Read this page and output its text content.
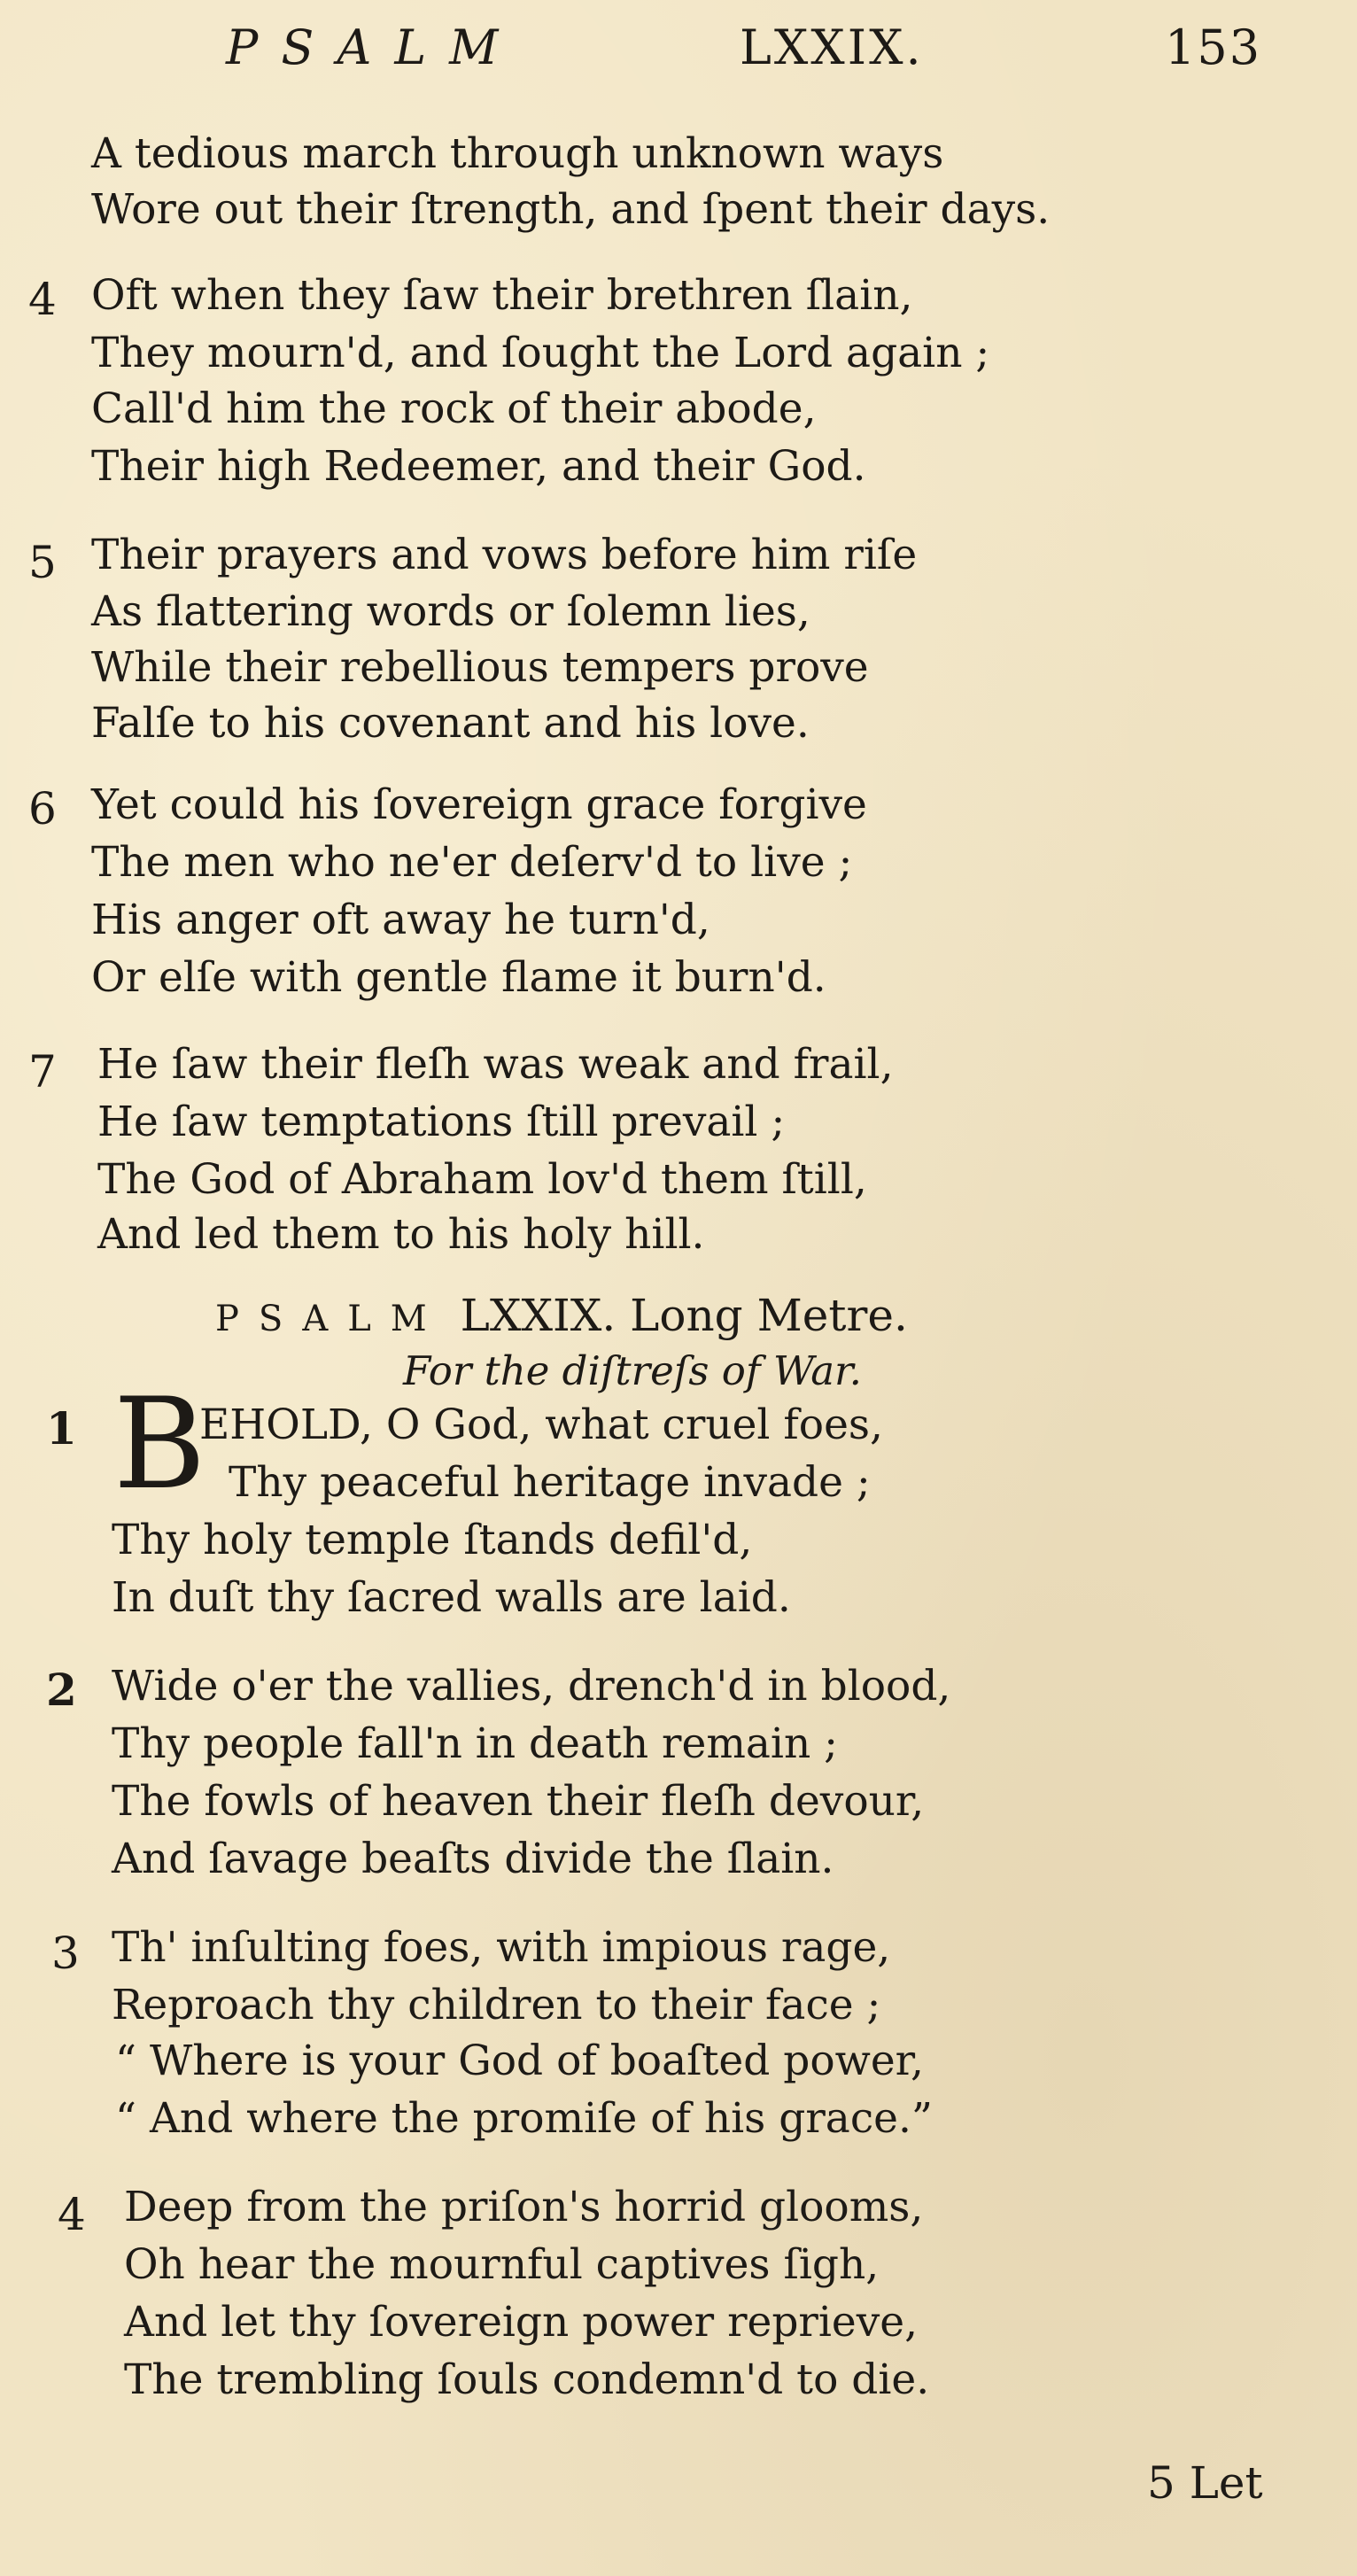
PSALM	LXXIX.	153
A tedious march through unknown ways
Wore out their ſtrength, and ſpent their days.
4 Oft when they ſaw their brethren ſlain,
They mourn'd, and ſought the Lord again ;
Call'd him the rock of their abode,
Their high Redeemer, and their God.
5 Their prayers and vows before him riſe
As flattering words or ſolemn lies,
While their rebellious tempers prove
Falſe to his covenant and his love.
6 Yet could his ſovereign grace forgive
The men who ne'er deſerv'd to live ;
His anger oft away he turn'd,
Or elſe with gentle flame it burn'd.
7 He ſaw their fleſh was weak and frail,
He ſaw temptations ſtill prevail ;
The God of Abraham lov'd them ſtill,
And led them to his holy hill.
PSALM LXXIX. Long Metre.
For the diſtreſs of War.
1 B
EHOLD, O God, what cruel foes,
Thy peaceful heritage invade ;
Thy holy temple ſtands defil'd,
In duſt thy ſacred walls are laid.
2 Wide o'er the vallies, drench'd in blood,
Thy people fall'n in death remain ;
The fowls of heaven their fleſh devour,
And ſavage beaſts divide the ſlain.
3 Th' inſulting foes, with impious rage,
Reproach thy children to their face ;
“ Where is your God of boaſted power,
“ And where the promiſe of his grace.”
4 Deep from the priſon's horrid glooms,
Oh hear the mournful captives ſigh,
And let thy ſovereign power reprieve,
The trembling ſouls condemn'd to die.
5 Let
